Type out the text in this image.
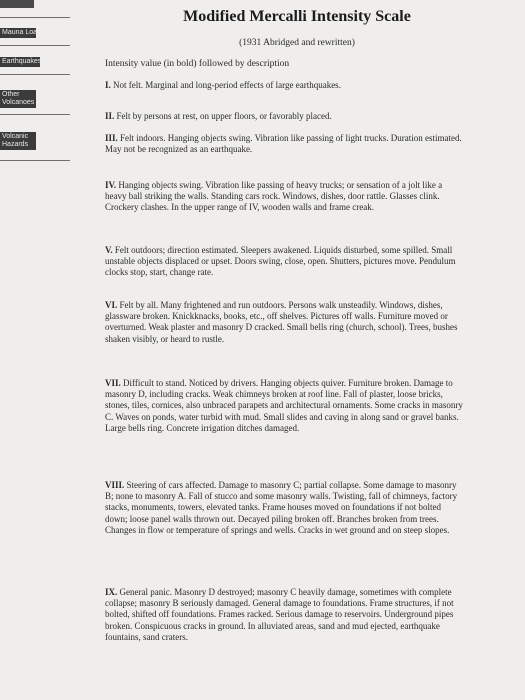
Mauna Loa
Earthquakes
Other Volcanoes
Volcanic Hazards
Modified Mercalli Intensity Scale
(1931 Abridged and rewritten)
Intensity value (in bold) followed by description

I. Not felt. Marginal and long-period effects of large earthquakes.

II. Felt by persons at rest, on upper floors, or favorably placed.

III. Felt indoors. Hanging objects swing. Vibration like passing of light trucks. Duration estimated. May not be recognized as an earthquake.

IV. Hanging objects swing. Vibration like passing of heavy trucks; or sensation of a jolt like a heavy ball striking the walls. Standing cars rock. Windows, dishes, door rattle. Glasses clink. Crockery clashes. In the upper range of IV, wooden walls and frame creak.

V. Felt outdoors; direction estimated. Sleepers awakened. Liquids disturbed, some spilled. Small unstable objects displaced or upset. Doors swing, close, open. Shutters, pictures move. Pendulum clocks stop, start, change rate.

VI. Felt by all. Many frightened and run outdoors. Persons walk unsteadily. Windows, dishes, glassware broken. Knickknacks, books, etc., off shelves. Pictures off walls. Furniture moved or overturned. Weak plaster and masonry D cracked. Small bells ring (church, school). Trees, bushes shaken visibly, or heard to rustle.

VII. Difficult to stand. Noticed by drivers. Hanging objects quiver. Furniture broken. Damage to masonry D, including cracks. Weak chimneys broken at roof line. Fall of plaster, loose bricks, stones, tiles, cornices, also unbraced parapets and architectural ornaments. Some cracks in masonry C. Waves on ponds, water turbid with mud. Small slides and caving in along sand or gravel banks. Large bells ring. Concrete irrigation ditches damaged.

VIII. Steering of cars affected. Damage to masonry C; partial collapse. Some damage to masonry B; none to masonry A. Fall of stucco and some masonry walls. Twisting, fall of chimneys, factory stacks, monuments, towers, elevated tanks. Frame houses moved on foundations if not bolted down; loose panel walls thrown out. Decayed piling broken off. Branches broken from trees. Changes in flow or temperature of springs and wells. Cracks in wet ground and on steep slopes.

IX. General panic. Masonry D destroyed; masonry C heavily damage, sometimes with complete collapse; masonry B seriously damaged. General damage to foundations. Frame structures, if not bolted, shifted off foundations. Frames racked. Serious damage to reservoirs. Underground pipes broken. Conspicuous cracks in ground. In alluviated areas, sand and mud ejected, earthquake fountains, sand craters.
